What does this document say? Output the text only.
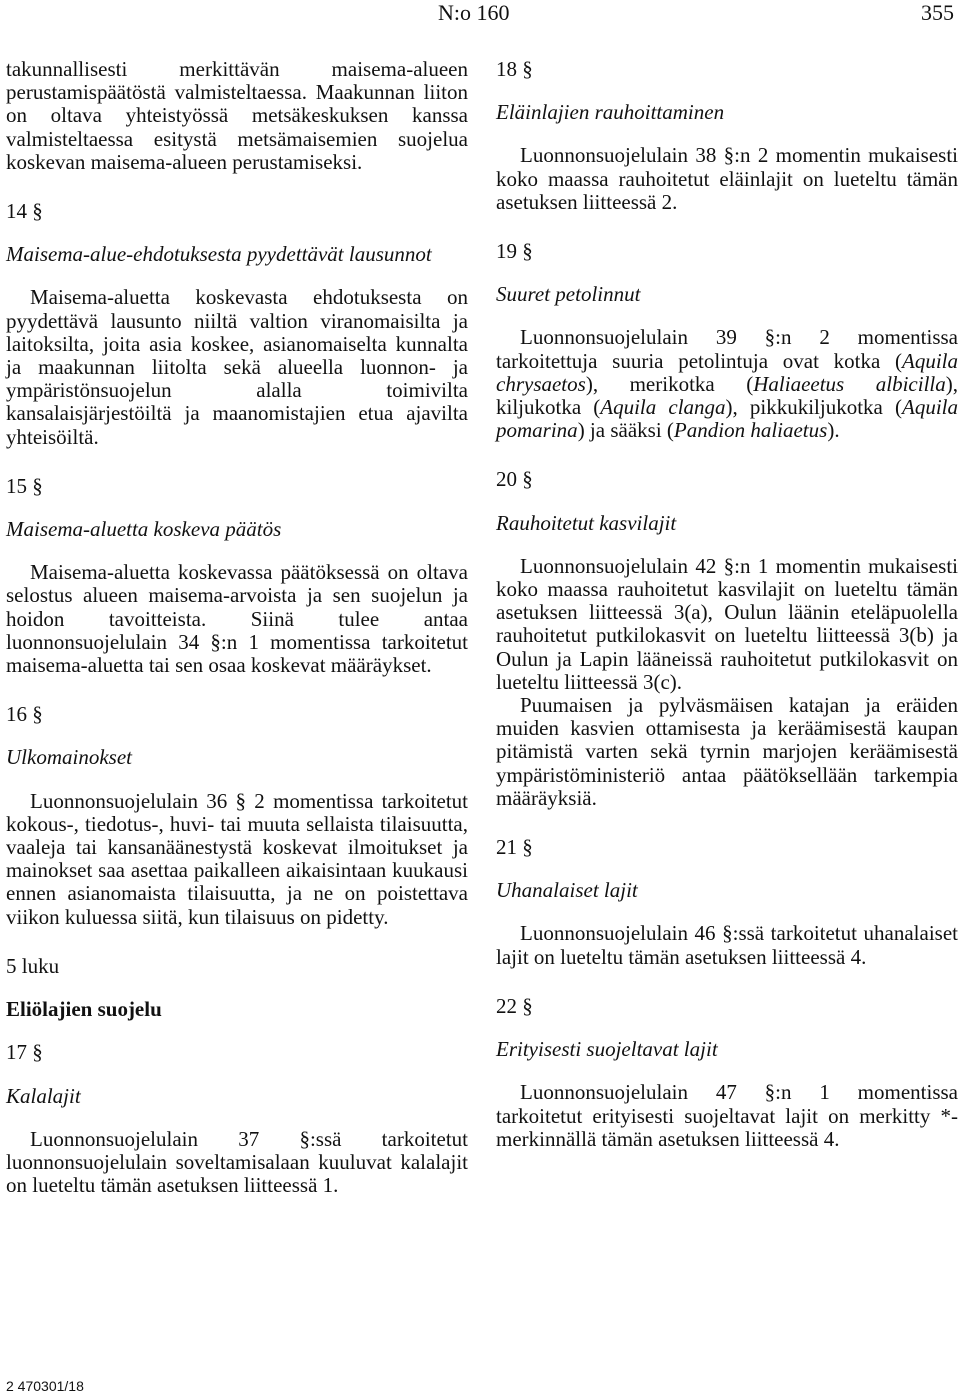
N:o 160	355

takunnallisesti merkittävän maisema-alueen perustamispäätöstä valmisteltaessa. Maakunnan liiton on oltava yhteistyössä metsäkeskuksen kanssa valmisteltaessa esitystä metsämaisemien suojelua koskevan maisema-alueen perustamiseksi.

14 §

Maisema-alue-ehdotuksesta pyydettävät lausunnot

Maisema-aluetta koskevasta ehdotuksesta on pyydettävä lausunto niiltä valtion viranomaisilta ja laitoksilta, joita asia koskee, asianomaiselta kunnalta ja maakunnan liitolta sekä alueella luonnon- ja ympäristönsuojelun alalla toimivilta kansalaisjärjestöiltä ja maanomistajien etua ajavilta yhteisöiltä.

15 §

Maisema-aluetta koskeva päätös

Maisema-aluetta koskevassa päätöksessä on oltava selostus alueen maisema-arvoista ja sen suojelun ja hoidon tavoitteista. Siinä tulee antaa luonnonsuojelulain 34 §:n 1 momentissa tarkoitetut maisema-aluetta tai sen osaa koskevat määräykset.

16 §

Ulkomainokset

Luonnonsuojelulain 36 § 2 momentissa tarkoitetut kokous-, tiedotus-, huvi- tai muuta sellaista tilaisuutta, vaaleja tai kansanäänestystä koskevat ilmoitukset ja mainokset saa asettaa paikalleen aikaisintaan kuukausi ennen asianomaista tilaisuutta, ja ne on poistettava viikon kuluessa siitä, kun tilaisuus on pidetty.

5 luku

Eliölajien suojelu

17 §

Kalalajit

Luonnonsuojelulain 37 §:ssä tarkoitetut luonnonsuojelulain soveltamisalaan kuuluvat kalalajit on lueteltu tämän asetuksen liitteessä 1.

18 §

Eläinlajien rauhoittaminen

Luonnonsuojelulain 38 §:n 2 momentin mukaisesti koko maassa rauhoitetut eläinlajit on lueteltu tämän asetuksen liitteessä 2.

19 §

Suuret petolinnut

Luonnonsuojelulain 39 §:n 2 momentissa tarkoitettuja suuria petolintuja ovat kotka (Aquila chrysaetos), merikotka (Haliaeetus albicilla), kiljukotka (Aquila clanga), pikkukiljukotka (Aquila pomarina) ja sääksi (Pandion haliaetus).

20 §

Rauhoitetut kasvilajit

Luonnonsuojelulain 42 §:n 1 momentin mukaisesti koko maassa rauhoitetut kasvilajit on lueteltu tämän asetuksen liitteessä 3(a), Oulun läänin eteläpuolella rauhoitetut putkilokasvit on lueteltu liitteessä 3(b) ja Oulun ja Lapin lääneissä rauhoitetut putkilokasvit on lueteltu liitteessä 3(c).

Puumaisen ja pylväsmäisen katajan ja eräiden muiden kasvien ottamisesta ja keräämisestä kaupan pitämistä varten sekä tyrnin marjojen keräämisestä ympäristöministeriö antaa päätöksellään tarkempia määräyksiä.

21 §

Uhanalaiset lajit

Luonnonsuojelulain 46 §:ssä tarkoitetut uhanalaiset lajit on lueteltu tämän asetuksen liitteessä 4.

22 §

Erityisesti suojeltavat lajit

Luonnonsuojelulain 47 §:n 1 momentissa tarkoitetut erityisesti suojeltavat lajit on merkitty *-merkinnällä tämän asetuksen liitteessä 4.

2 470301/18
